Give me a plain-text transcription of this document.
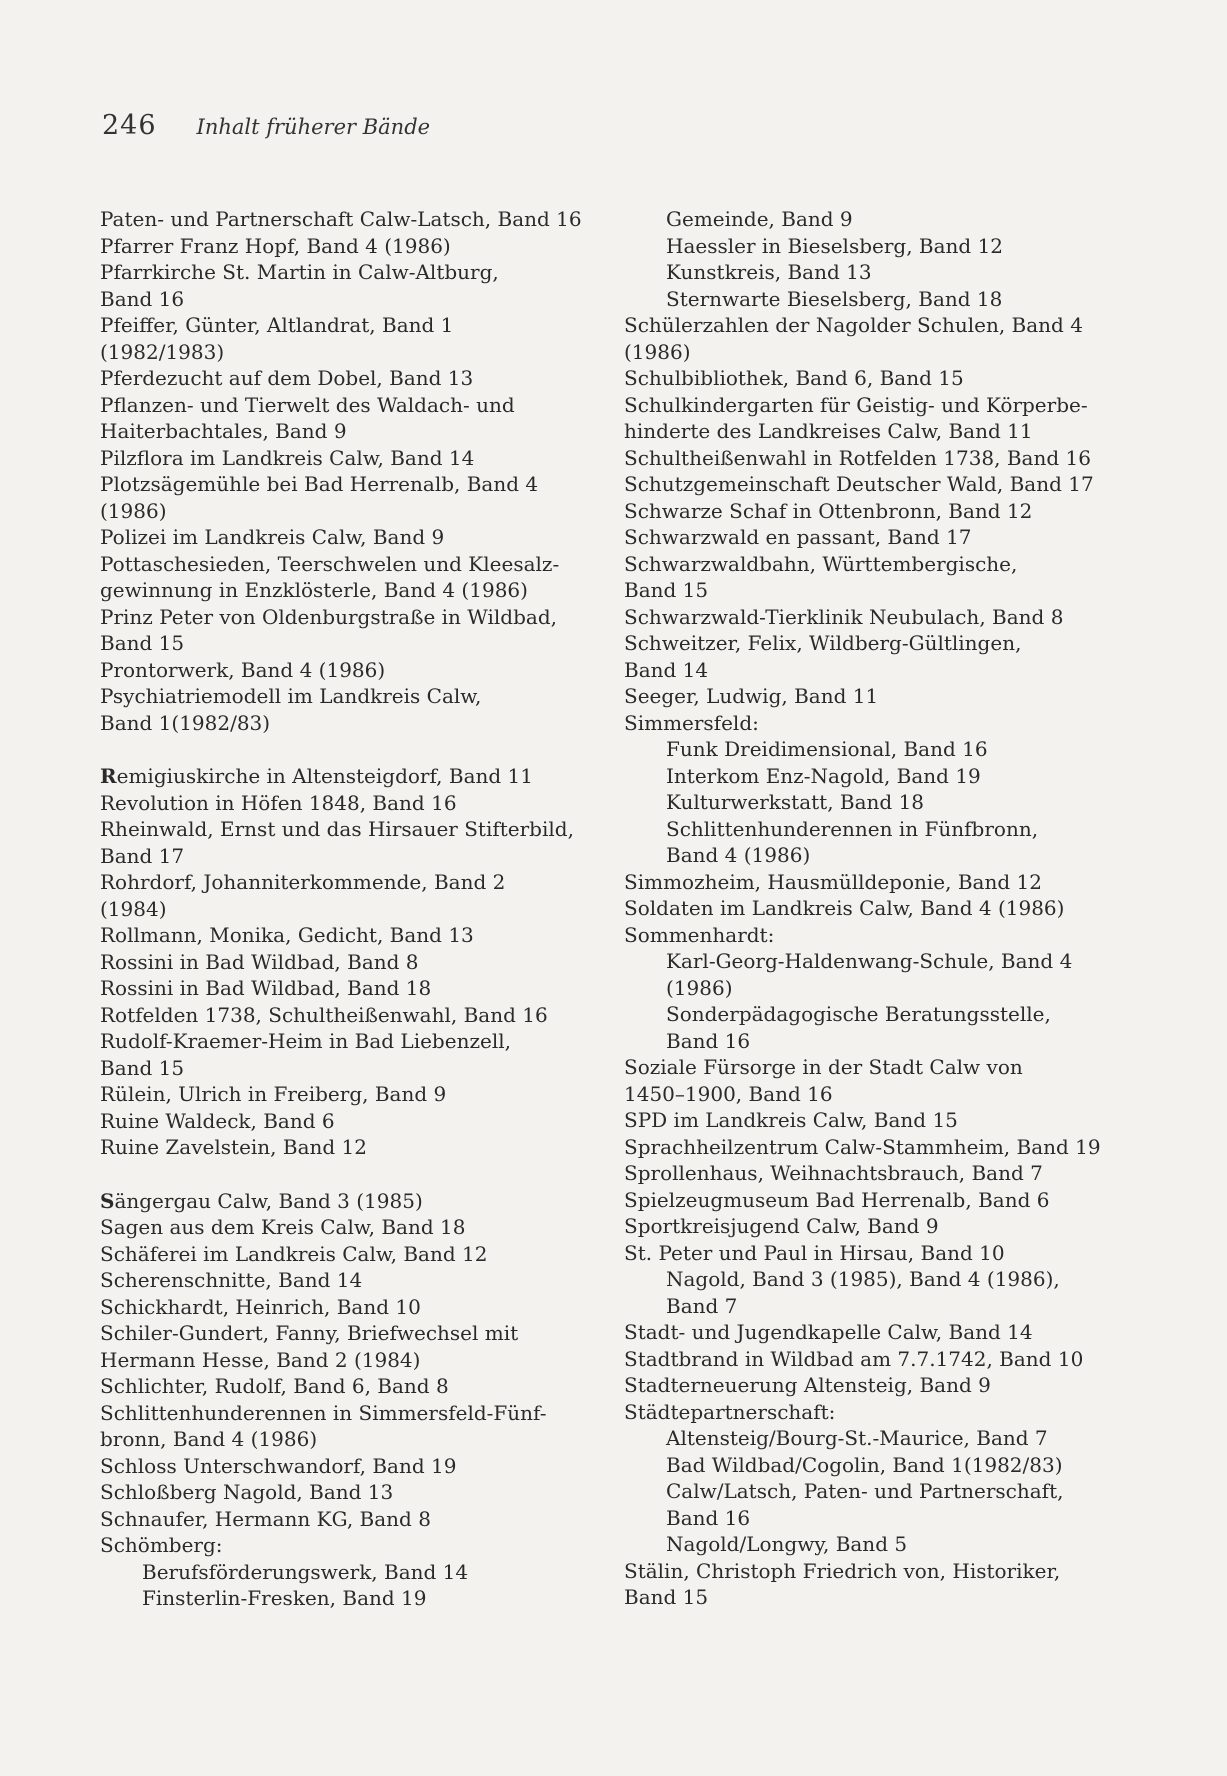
246 Inhalt früherer Bände
Paten- und Partnerschaft Calw-Latsch, Band 16
Pfarrer Franz Hopf, Band 4 (1986)
Pfarrkirche St. Martin in Calw-Altburg,
Band 16
Pfeiffer, Günter, Altlandrat, Band 1
(1982/1983)
Pferdezucht auf dem Dobel, Band 13
Pflanzen- und Tierwelt des Waldach- und
Haiterbachtales, Band 9
Pilzflora im Landkreis Calw, Band 14
Plotzsägemühle bei Bad Herrenalb, Band 4
(1986)
Polizei im Landkreis Calw, Band 9
Pottaschesieden, Teerschwelen und Kleesalz-
gewinnung in Enzklösterle, Band 4 (1986)
Prinz Peter von Oldenburgstraße in Wildbad,
Band 15
Prontorwerk, Band 4 (1986)
Psychiatriemodell im Landkreis Calw,
Band 1(1982/83)
Remigiuskirche in Altensteigdorf, Band 11
Revolution in Höfen 1848, Band 16
Rheinwald, Ernst und das Hirsauer Stifterbild,
Band 17
Rohrdorf, Johanniterkommende, Band 2
(1984)
Rollmann, Monika, Gedicht, Band 13
Rossini in Bad Wildbad, Band 8
Rossini in Bad Wildbad, Band 18
Rotfelden 1738, Schultheißenwahl, Band 16
Rudolf-Kraemer-Heim in Bad Liebenzell,
Band 15
Rülein, Ulrich in Freiberg, Band 9
Ruine Waldeck, Band 6
Ruine Zavelstein, Band 12
Sängergau Calw, Band 3 (1985)
Sagen aus dem Kreis Calw, Band 18
Schäferei im Landkreis Calw, Band 12
Scherenschnitte, Band 14
Schickhardt, Heinrich, Band 10
Schiler-Gundert, Fanny, Briefwechsel mit
Hermann Hesse, Band 2 (1984)
Schlichter, Rudolf, Band 6, Band 8
Schlittenhunderennen in Simmersfeld-Fünf-
bronn, Band 4 (1986)
Schloss Unterschwandorf, Band 19
Schloßberg Nagold, Band 13
Schnaufer, Hermann KG, Band 8
Schömberg:
Berufsförderungswerk, Band 14
Finsterlin-Fresken, Band 19
Gemeinde, Band 9
Haessler in Bieselsberg, Band 12
Kunstkreis, Band 13
Sternwarte Bieselsberg, Band 18
Schülerzahlen der Nagolder Schulen, Band 4
(1986)
Schulbibliothek, Band 6, Band 15
Schulkindergarten für Geistig- und Körperbe-
hinderte des Landkreises Calw, Band 11
Schultheißenwahl in Rotfelden 1738, Band 16
Schutzgemeinschaft Deutscher Wald, Band 17
Schwarze Schaf in Ottenbronn, Band 12
Schwarzwald en passant, Band 17
Schwarzwaldbahn, Württembergische,
Band 15
Schwarzwald-Tierklinik Neubulach, Band 8
Schweitzer, Felix, Wildberg-Gültlingen,
Band 14
Seeger, Ludwig, Band 11
Simmersfeld:
Funk Dreidimensional, Band 16
Interkom Enz-Nagold, Band 19
Kulturwerkstatt, Band 18
Schlittenhunderennen in Fünfbronn,
Band 4 (1986)
Simmozheim, Hausmülldeponie, Band 12
Soldaten im Landkreis Calw, Band 4 (1986)
Sommenhardt:
Karl-Georg-Haldenwang-Schule, Band 4
(1986)
Sonderpädagogische Beratungsstelle,
Band 16
Soziale Fürsorge in der Stadt Calw von
1450–1900, Band 16
SPD im Landkreis Calw, Band 15
Sprachheilzentrum Calw-Stammheim, Band 19
Sprollenhaus, Weihnachtsbrauch, Band 7
Spielzeugmuseum Bad Herrenalb, Band 6
Sportkreisjugend Calw, Band 9
St. Peter und Paul in Hirsau, Band 10
Nagold, Band 3 (1985), Band 4 (1986),
Band 7
Stadt- und Jugendkapelle Calw, Band 14
Stadtbrand in Wildbad am 7.7.1742, Band 10
Stadterneuerung Altensteig, Band 9
Städtepartnerschaft:
Altensteig/Bourg-St.-Maurice, Band 7
Bad Wildbad/Cogolin, Band 1(1982/83)
Calw/Latsch, Paten- und Partnerschaft,
Band 16
Nagold/Longwy, Band 5
Stälin, Christoph Friedrich von, Historiker,
Band 15
